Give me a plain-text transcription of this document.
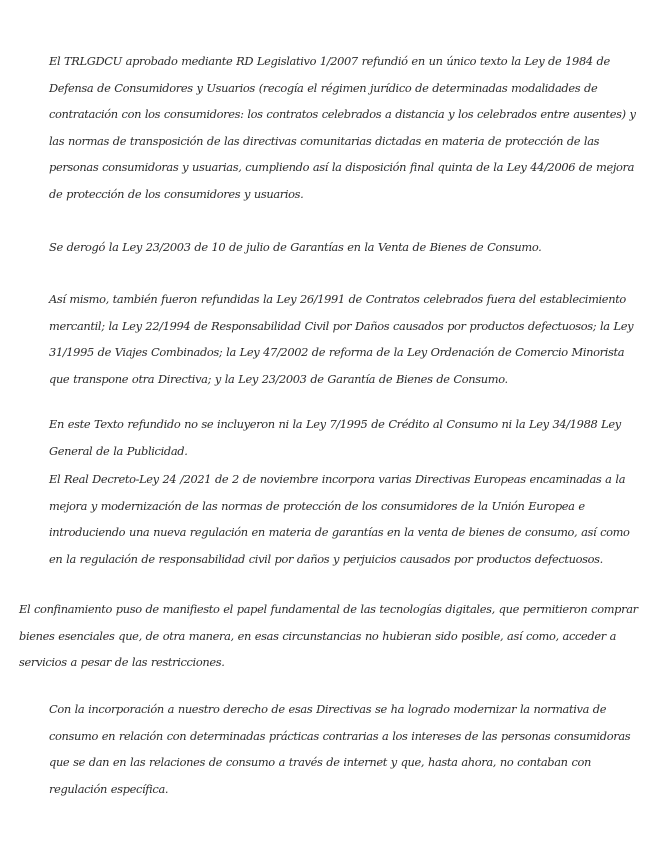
El TRLGDCU aprobado mediante RD Legislativo 1/2007 refundió en un único texto la Ley de 1984 de Defensa de Consumidores y Usuarios (recogía el régimen jurídico de determinadas modalidades de contratación con los consumidores: los contratos celebrados a distancia y los celebrados entre ausentes) y las normas de transposición de las directivas comunitarias dictadas en materia de protección de las personas consumidoras y usuarias, cumpliendo así la disposición final quinta de la Ley 44/2006 de mejora de protección de los consumidores y usuarios.

Se derogó la Ley 23/2003 de 10 de julio de Garantías en la Venta de Bienes de Consumo.

Así mismo, también fueron refundidas la Ley 26/1991 de Contratos celebrados fuera del establecimiento mercantil; la Ley 22/1994 de Responsabilidad Civil por Daños causados por productos defectuosos; la Ley 31/1995 de Viajes Combinados; la Ley 47/2002 de reforma de la Ley Ordenación de Comercio Minorista que transpone otra Directiva; y la Ley 23/2003 de Garantía de Bienes de Consumo.

En este Texto refundido no se incluyeron ni la Ley 7/1995 de Crédito al Consumo ni la Ley 34/1988 Ley General de la Publicidad.

El Real Decreto-Ley 24 /2021 de 2 de noviembre incorpora varias Directivas Europeas encaminadas a la mejora y modernización de las normas de protección de los consumidores de la Unión Europea e introduciendo una nueva regulación en materia de garantías en la venta de bienes de consumo, así como en la regulación de responsabilidad civil por daños y perjuicios causados por productos defectuosos.

El confinamiento puso de manifiesto el papel fundamental de las tecnologías digitales, que permitieron comprar bienes esenciales que, de otra manera, en esas circunstancias no hubieran sido posible, así como, acceder a servicios a pesar de las restricciones.

Con la incorporación a nuestro derecho de esas Directivas se ha logrado modernizar la normativa de consumo en relación con determinadas prácticas contrarias a los intereses de las personas consumidoras que se dan en las relaciones de consumo a través de internet y que, hasta ahora, no contaban con regulación específica.
